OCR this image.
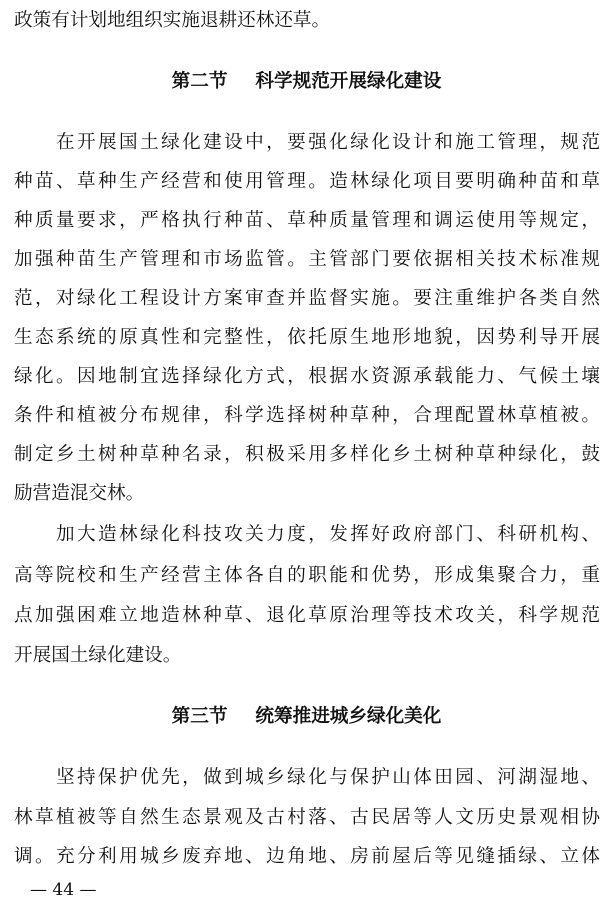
政策有计划地组织实施退耕还林还草。
第二节 科学规范开展绿化建设
在开展国土绿化建设中，要强化绿化设计和施工管理，规范
种苗、草种生产经营和使用管理。造林绿化项目要明确种苗和草
种质量要求，严格执行种苗、草种质量管理和调运使用等规定，
加强种苗生产管理和市场监管。主管部门要依据相关技术标准规
范，对绿化工程设计方案审查并监督实施。要注重维护各类自然
生态系统的原真性和完整性，依托原生地形地貌，因势利导开展
绿化。因地制宜选择绿化方式，根据水资源承载能力、气候土壤
条件和植被分布规律，科学选择树种草种，合理配置林草植被。
制定乡土树种草种名录，积极采用多样化乡土树种草种绿化，鼓
励营造混交林。
加大造林绿化科技攻关力度，发挥好政府部门、科研机构、
高等院校和生产经营主体各自的职能和优势，形成集聚合力，重
点加强困难立地造林种草、退化草原治理等技术攻关，科学规范
开展国土绿化建设。
第三节 统筹推进城乡绿化美化
坚持保护优先，做到城乡绿化与保护山体田园、河湖湿地、
林草植被等自然生态景观及古村落、古民居等人文历史景观相协
调。充分利用城乡废弃地、边角地、房前屋后等见缝插绿、立体
— 44 —
